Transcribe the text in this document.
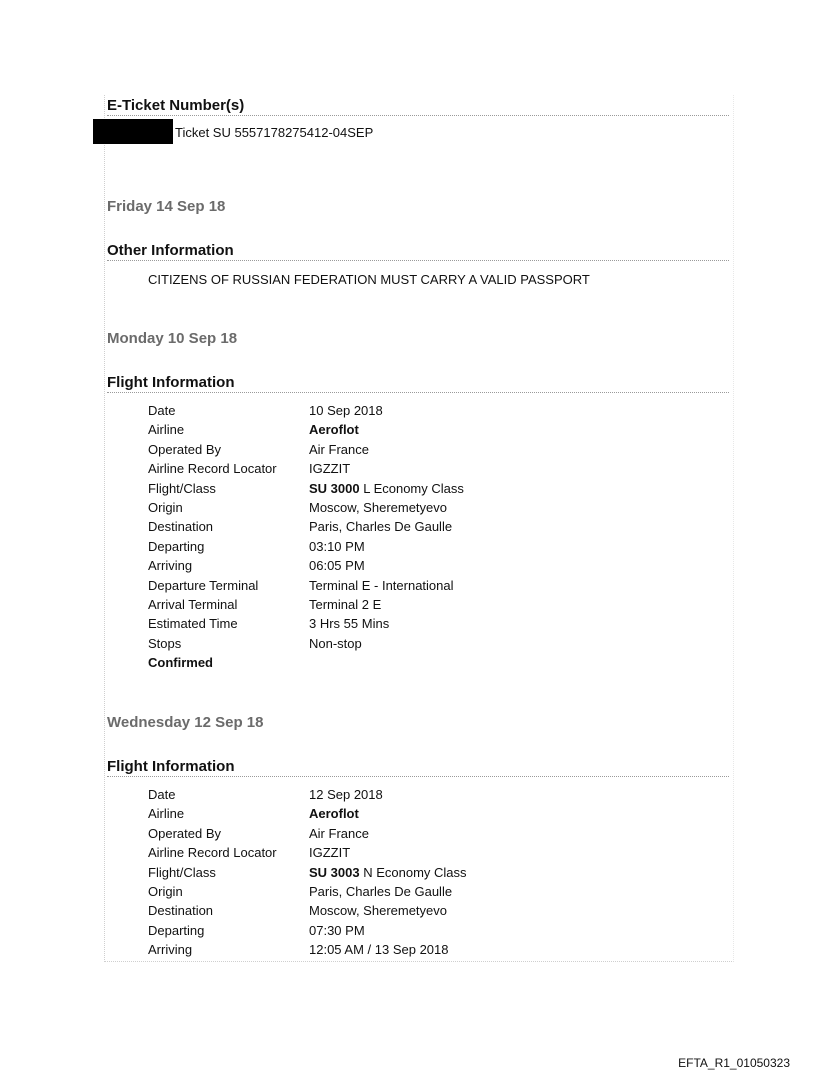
E-Ticket Number(s)
Ticket SU 5557178275412-04SEP
Friday 14 Sep 18
Other Information
CITIZENS OF RUSSIAN FEDERATION MUST CARRY A VALID PASSPORT
Monday 10 Sep 18
Flight Information
Date	10 Sep 2018
Airline	Aeroflot
Operated By	Air France
Airline Record Locator IGZZIT
Flight/Class	SU 3000 L Economy Class
Origin	Moscow, Sheremetyevo
Destination	Paris, Charles De Gaulle
Departing	03:10 PM
Arriving	06:05 PM
Departure Terminal	Terminal E - International
Arrival Terminal	Terminal 2 E
Estimated Time	3 Hrs 55 Mins
Stops	Non-stop
Confirmed
Wednesday 12 Sep 18
Flight Information
Date	12 Sep 2018
Airline	Aeroflot
Operated By	Air France
Airline Record Locator IGZZIT
Flight/Class	SU 3003 N Economy Class
Origin	Paris, Charles De Gaulle
Destination	Moscow, Sheremetyevo
Departing	07:30 PM
Arriving	12:05 AM / 13 Sep 2018
EFTA_R1_01050323
